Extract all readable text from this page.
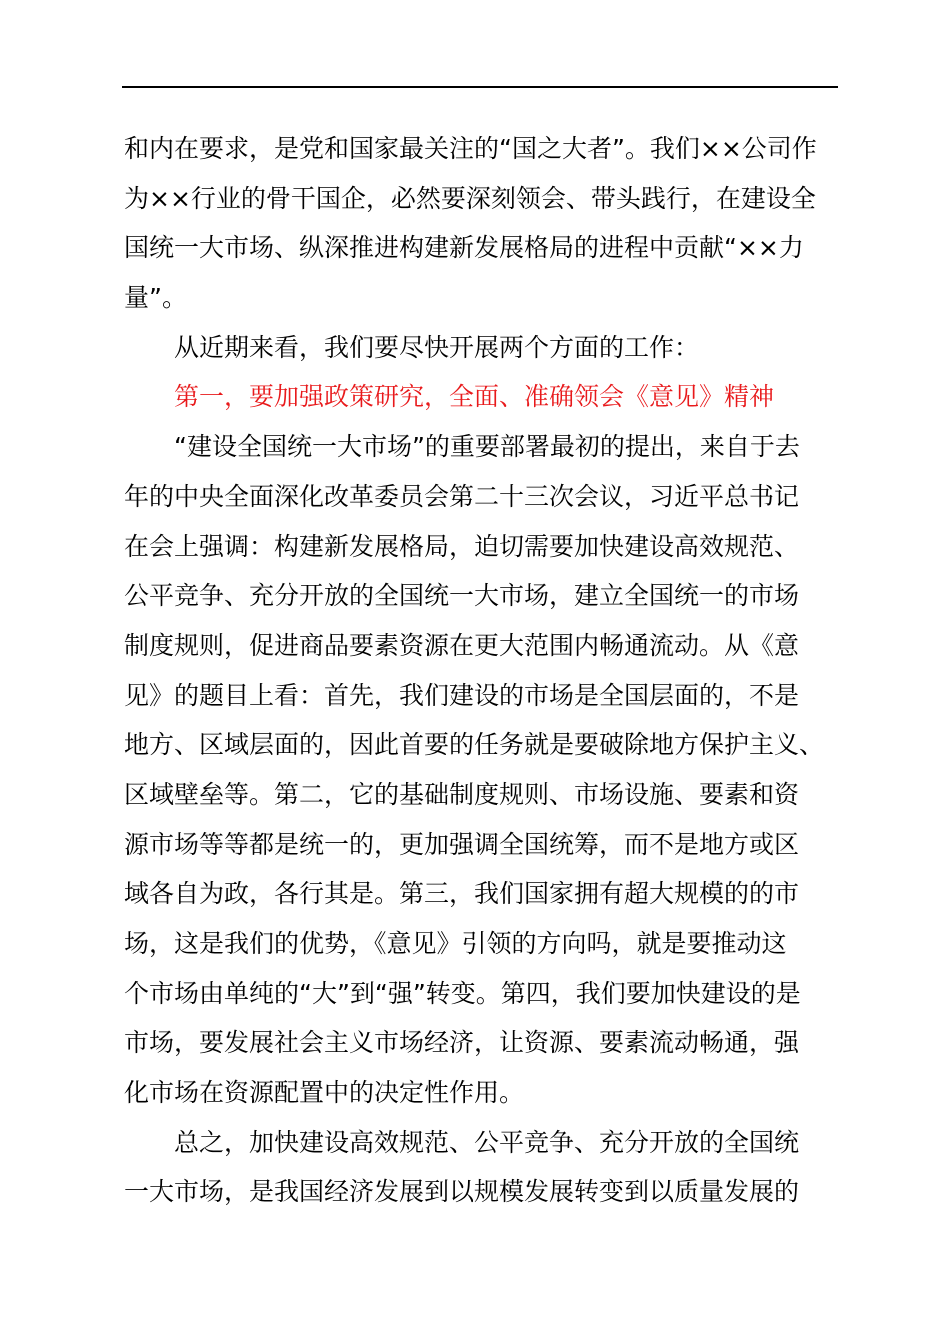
和内在要求，是党和国家最关注的“国之大者”。我们××公司作
为××行业的骨干国企，必然要深刻领会、带头践行，在建设全
国统一大市场、纵深推进构建新发展格局的进程中贡献“××力
量”。
从近期来看，我们要尽快开展两个方面的工作：
第一，要加强政策研究，全面、准确领会《意见》精神
“建设全国统一大市场”的重要部署最初的提出，来自于去
年的中央全面深化改革委员会第二十三次会议，习近平总书记
在会上强调：构建新发展格局，迫切需要加快建设高效规范、
公平竞争、充分开放的全国统一大市场，建立全国统一的市场
制度规则，促进商品要素资源在更大范围内畅通流动。从《意
见》的题目上看：首先，我们建设的市场是全国层面的，不是
地方、区域层面的，因此首要的任务就是要破除地方保护主义、
区域壁垒等。第二，它的基础制度规则、市场设施、要素和资
源市场等等都是统一的，更加强调全国统筹，而不是地方或区
域各自为政，各行其是。第三，我们国家拥有超大规模的的市
场，这是我们的优势，《意见》引领的方向吗，就是要推动这
个市场由单纯的“大”到“强”转变。第四，我们要加快建设的是
市场，要发展社会主义市场经济，让资源、要素流动畅通，强
化市场在资源配置中的决定性作用。
总之，加快建设高效规范、公平竞争、充分开放的全国统
一大市场，是我国经济发展到以规模发展转变到以质量发展的
